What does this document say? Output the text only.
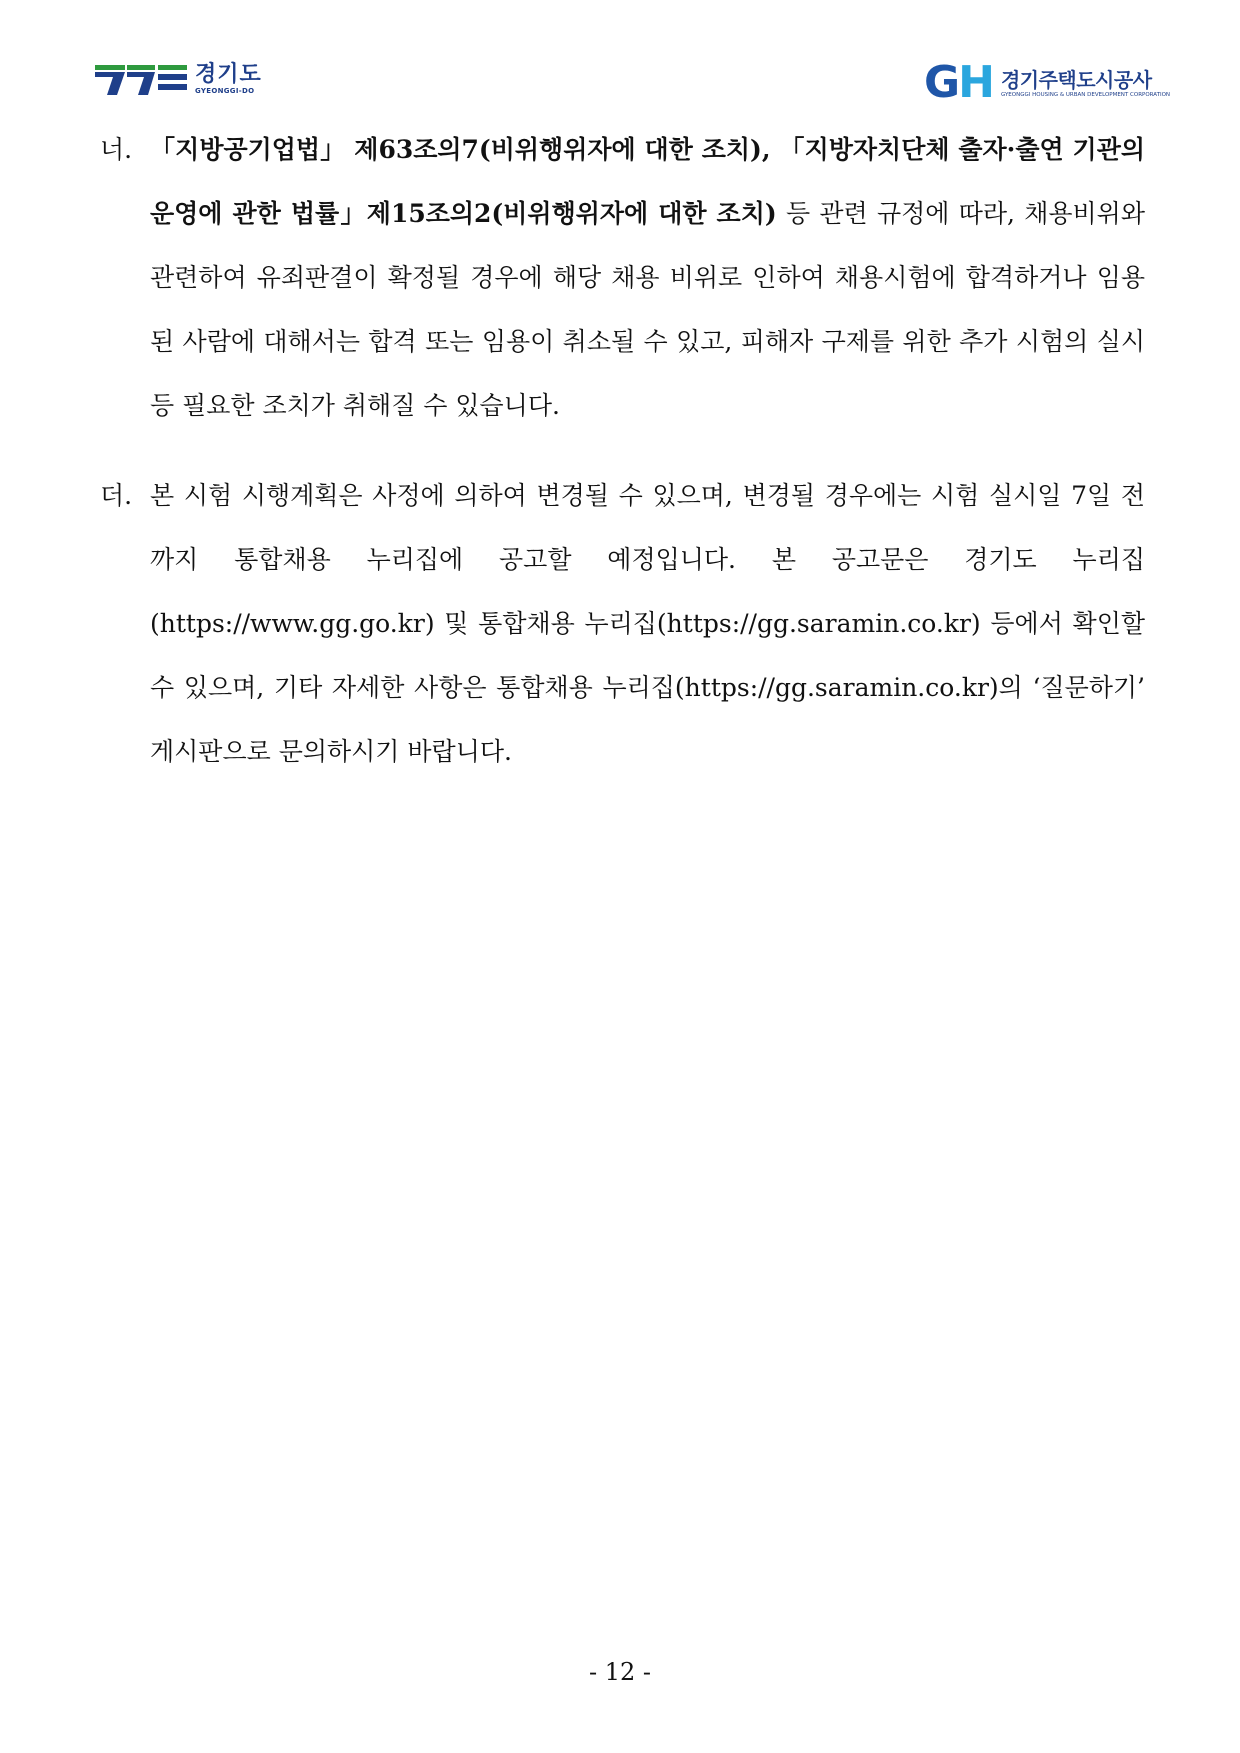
경기도
GYEONGGI-DO	GH 경기주택도시공사
GYEONGGI HOUSING & URBAN DEVELOPMENT CORPORATION
너. 「지방공기업법」 제63조의7(비위행위자에 대한 조치), 「지방자치단체 출자·출연 기관의 운영에 관한 법률」제15조의2(비위행위자에 대한 조치) 등 관련 규정에 따라, 채용비위와 관련하여 유죄판결이 확정될 경우에 해당 채용 비위로 인하여 채용시험에 합격하거나 임용된 사람에 대해서는 합격 또는 임용이 취소될 수 있고, 피해자 구제를 위한 추가 시험의 실시 등 필요한 조치가 취해질 수 있습니다.
더. 본 시험 시행계획은 사정에 의하여 변경될 수 있으며, 변경될 경우에는 시험 실시일 7일 전까지 통합채용 누리집에 공고할 예정입니다. 본 공고문은 경기도 누리집(https://www.gg.go.kr) 및 통합채용 누리집(https://gg.saramin.co.kr) 등에서 확인할 수 있으며, 기타 자세한 사항은 통합채용 누리집(https://gg.saramin.co.kr)의 ‘질문하기’ 게시판으로 문의하시기 바랍니다.
- 12 -
